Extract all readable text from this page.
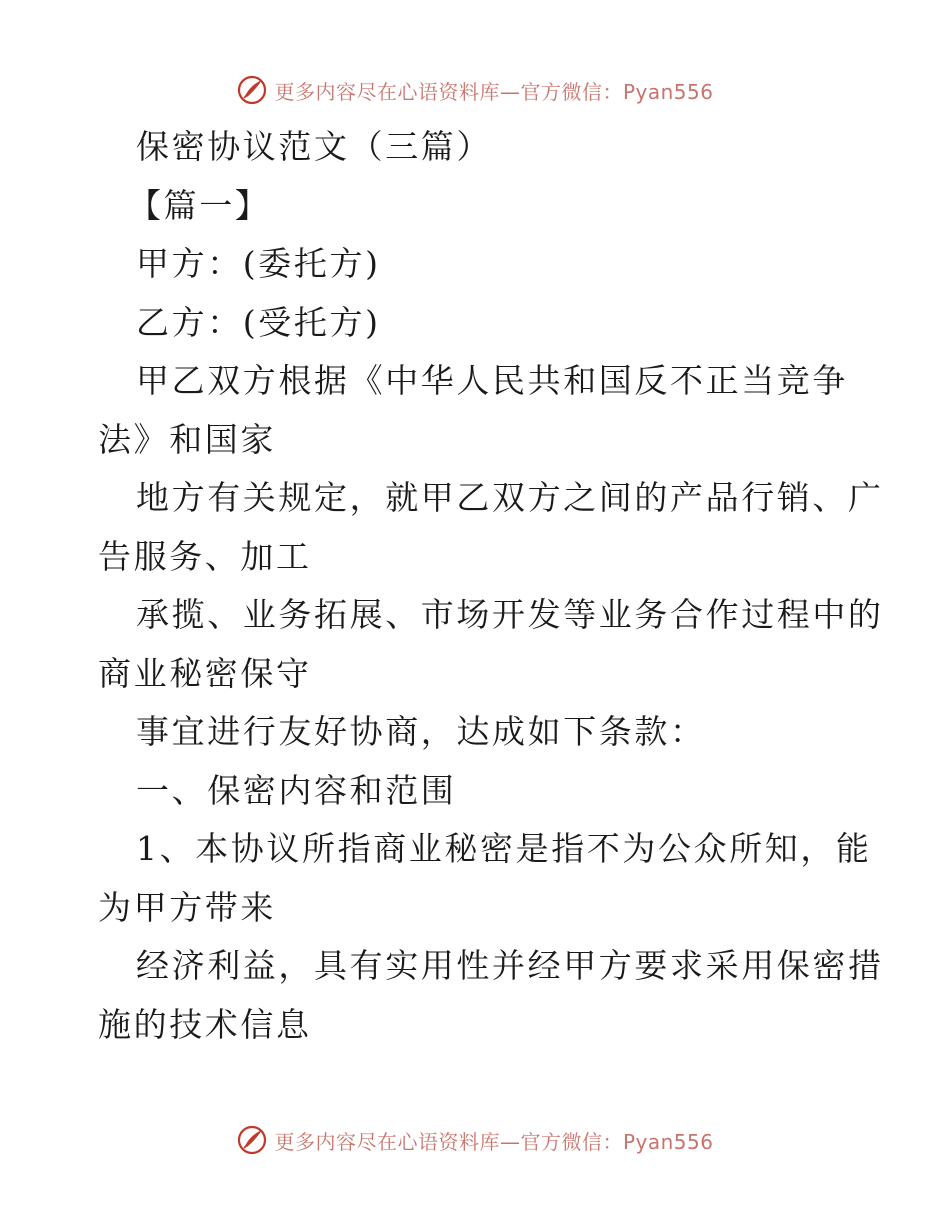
更多内容尽在心语资料库—官方微信：Pyan556
保密协议范文（三篇）
【篇一】
甲方：(委托方)
乙方：(受托方)
甲乙双方根据《中华人民共和国反不正当竞争
法》和国家
地方有关规定，就甲乙双方之间的产品行销、广
告服务、加工
承揽、业务拓展、市场开发等业务合作过程中的
商业秘密保守
事宜进行友好协商，达成如下条款：
一、保密内容和范围
1、本协议所指商业秘密是指不为公众所知，能
为甲方带来
经济利益，具有实用性并经甲方要求采用保密措
施的技术信息
更多内容尽在心语资料库—官方微信：Pyan556
